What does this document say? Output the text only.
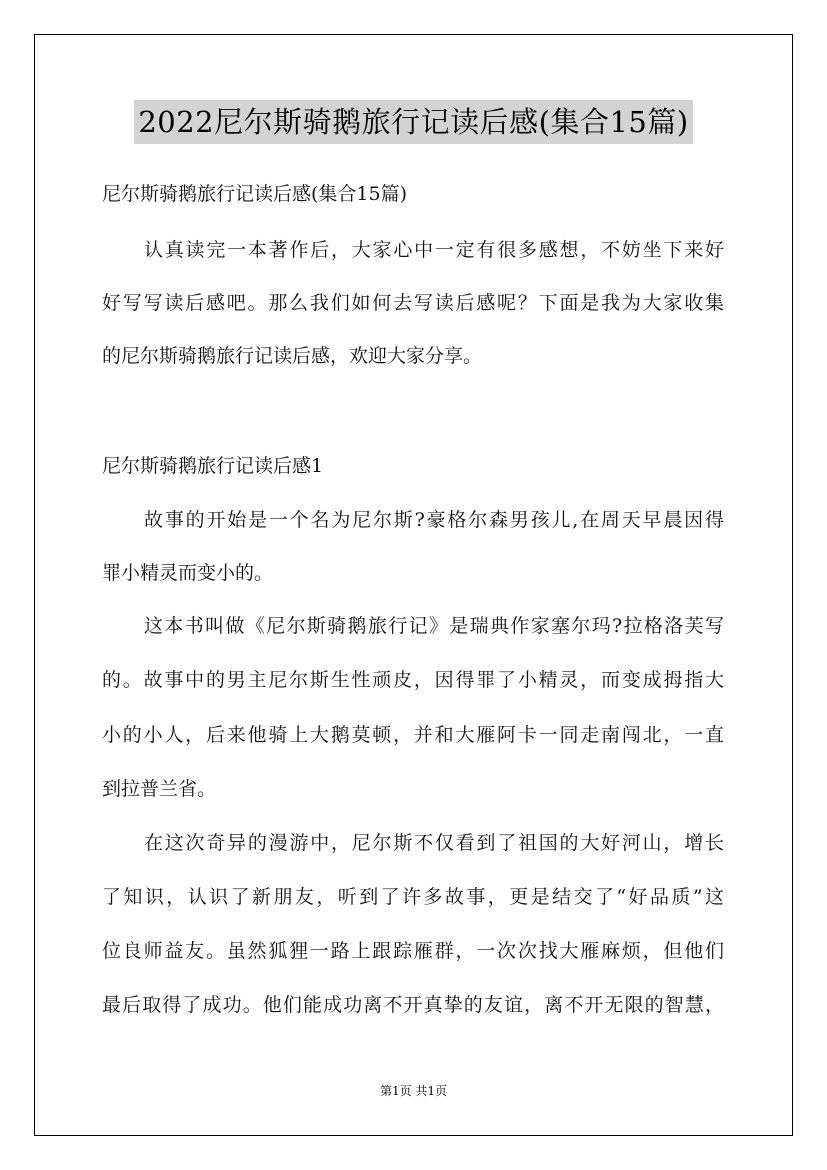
2022尼尔斯骑鹅旅行记读后感(集合15篇)
尼尔斯骑鹅旅行记读后感(集合15篇)
认真读完一本著作后，大家心中一定有很多感想，不妨坐下来好
好写写读后感吧。那么我们如何去写读后感呢？下面是我为大家收集
的尼尔斯骑鹅旅行记读后感，欢迎大家分享。
尼尔斯骑鹅旅行记读后感1
故事的开始是一个名为尼尔斯?豪格尔森男孩儿,在周天早晨因得
罪小精灵而变小的。
这本书叫做《尼尔斯骑鹅旅行记》是瑞典作家塞尔玛?拉格洛芙写
的。故事中的男主尼尔斯生性顽皮，因得罪了小精灵，而变成拇指大
小的小人，后来他骑上大鹅莫顿，并和大雁阿卡一同走南闯北，一直
到拉普兰省。
在这次奇异的漫游中，尼尔斯不仅看到了祖国的大好河山，增长
了知识，认识了新朋友，听到了许多故事，更是结交了“好品质”这
位良师益友。虽然狐狸一路上跟踪雁群，一次次找大雁麻烦，但他们
最后取得了成功。他们能成功离不开真挚的友谊，离不开无限的智慧，
第1页 共1页
